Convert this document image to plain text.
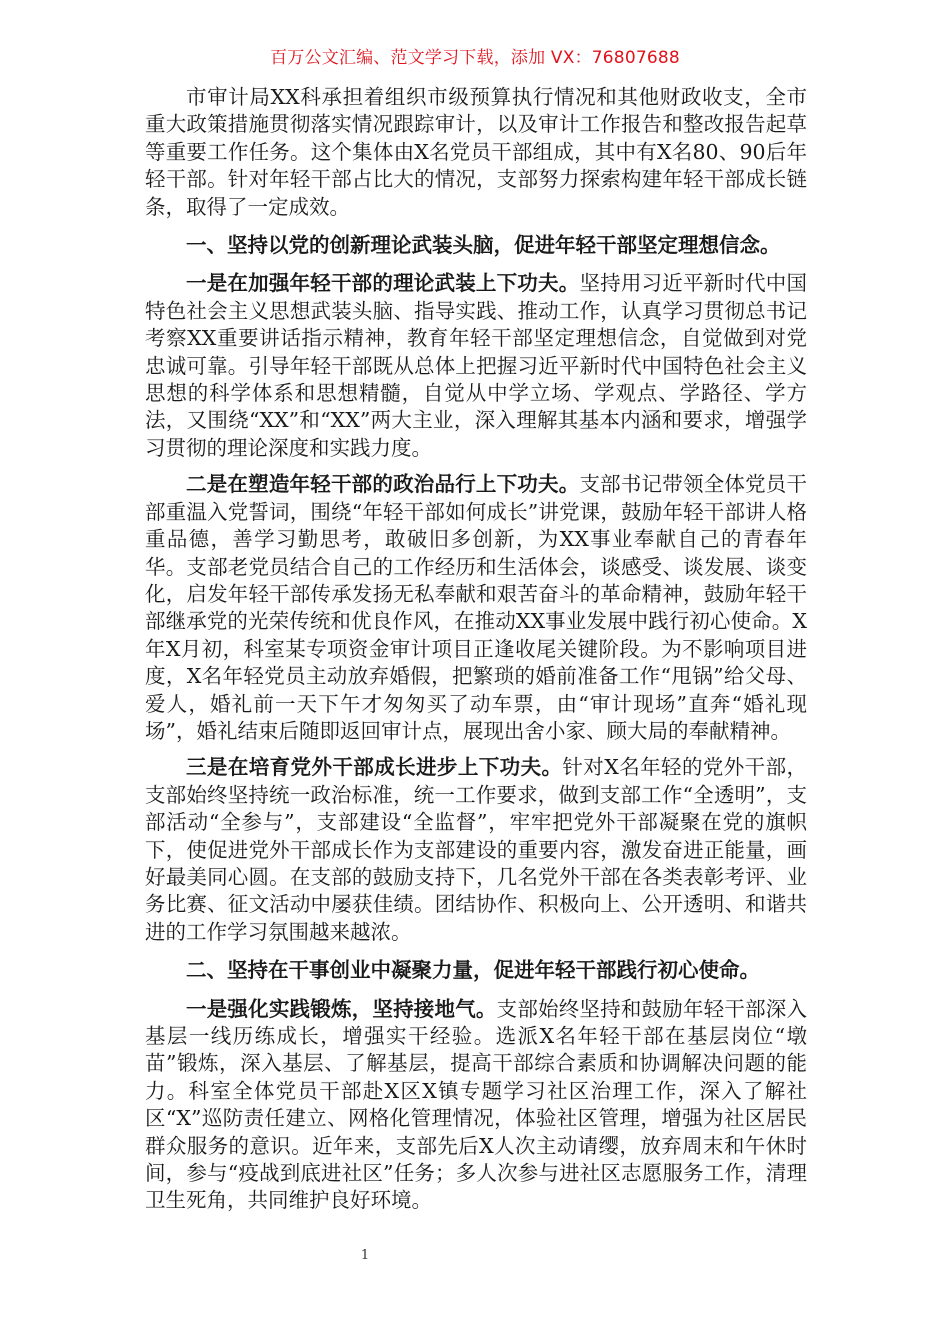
百万公文汇编、范文学习下载，添加 VX：76807688

市审计局XX科承担着组织市级预算执行情况和其他财政收支，全市重大政策措施贯彻落实情况跟踪审计，以及审计工作报告和整改报告起草等重要工作任务。这个集体由X名党员干部组成，其中有X名80、90后年轻干部。针对年轻干部占比大的情况，支部努力探索构建年轻干部成长链条，取得了一定成效。

一、坚持以党的创新理论武装头脑，促进年轻干部坚定理想信念。

一是在加强年轻干部的理论武装上下功夫。坚持用习近平新时代中国特色社会主义思想武装头脑、指导实践、推动工作，认真学习贯彻总书记考察XX重要讲话指示精神，教育年轻干部坚定理想信念，自觉做到对党忠诚可靠。引导年轻干部既从总体上把握习近平新时代中国特色社会主义思想的科学体系和思想精髓，自觉从中学立场、学观点、学路径、学方法，又围绕“XX”和“XX”两大主业，深入理解其基本内涵和要求，增强学习贯彻的理论深度和实践力度。

二是在塑造年轻干部的政治品行上下功夫。支部书记带领全体党员干部重温入党誓词，围绕“年轻干部如何成长”讲党课，鼓励年轻干部讲人格重品德，善学习勤思考，敢破旧多创新，为XX事业奉献自己的青春年华。支部老党员结合自己的工作经历和生活体会，谈感受、谈发展、谈变化，启发年轻干部传承发扬无私奉献和艰苦奋斗的革命精神，鼓励年轻干部继承党的光荣传统和优良作风，在推动XX事业发展中践行初心使命。X年X月初，科室某专项资金审计项目正逢收尾关键阶段。为不影响项目进度，X名年轻党员主动放弃婚假，把繁琐的婚前准备工作“甩锅”给父母、爱人，婚礼前一天下午才匆匆买了动车票，由“审计现场”直奔“婚礼现场”，婚礼结束后随即返回审计点，展现出舍小家、顾大局的奉献精神。

三是在培育党外干部成长进步上下功夫。针对X名年轻的党外干部，支部始终坚持统一政治标准，统一工作要求，做到支部工作“全透明”，支部活动“全参与”，支部建设“全监督”，牢牢把党外干部凝聚在党的旗帜下，使促进党外干部成长作为支部建设的重要内容，激发奋进正能量，画好最美同心圆。在支部的鼓励支持下，几名党外干部在各类表彰考评、业务比赛、征文活动中屡获佳绩。团结协作、积极向上、公开透明、和谐共进的工作学习氛围越来越浓。

二、坚持在干事创业中凝聚力量，促进年轻干部践行初心使命。

一是强化实践锻炼，坚持接地气。支部始终坚持和鼓励年轻干部深入基层一线历练成长，增强实干经验。选派X名年轻干部在基层岗位“墩苗”锻炼，深入基层、了解基层，提高干部综合素质和协调解决问题的能力。科室全体党员干部赴X区X镇专题学习社区治理工作，深入了解社区“X”巡防责任建立、网格化管理情况，体验社区管理，增强为社区居民群众服务的意识。近年来，支部先后X人次主动请缨，放弃周末和午休时间，参与“疫战到底进社区”任务；多人次参与进社区志愿服务工作，清理卫生死角，共同维护良好环境。

1
